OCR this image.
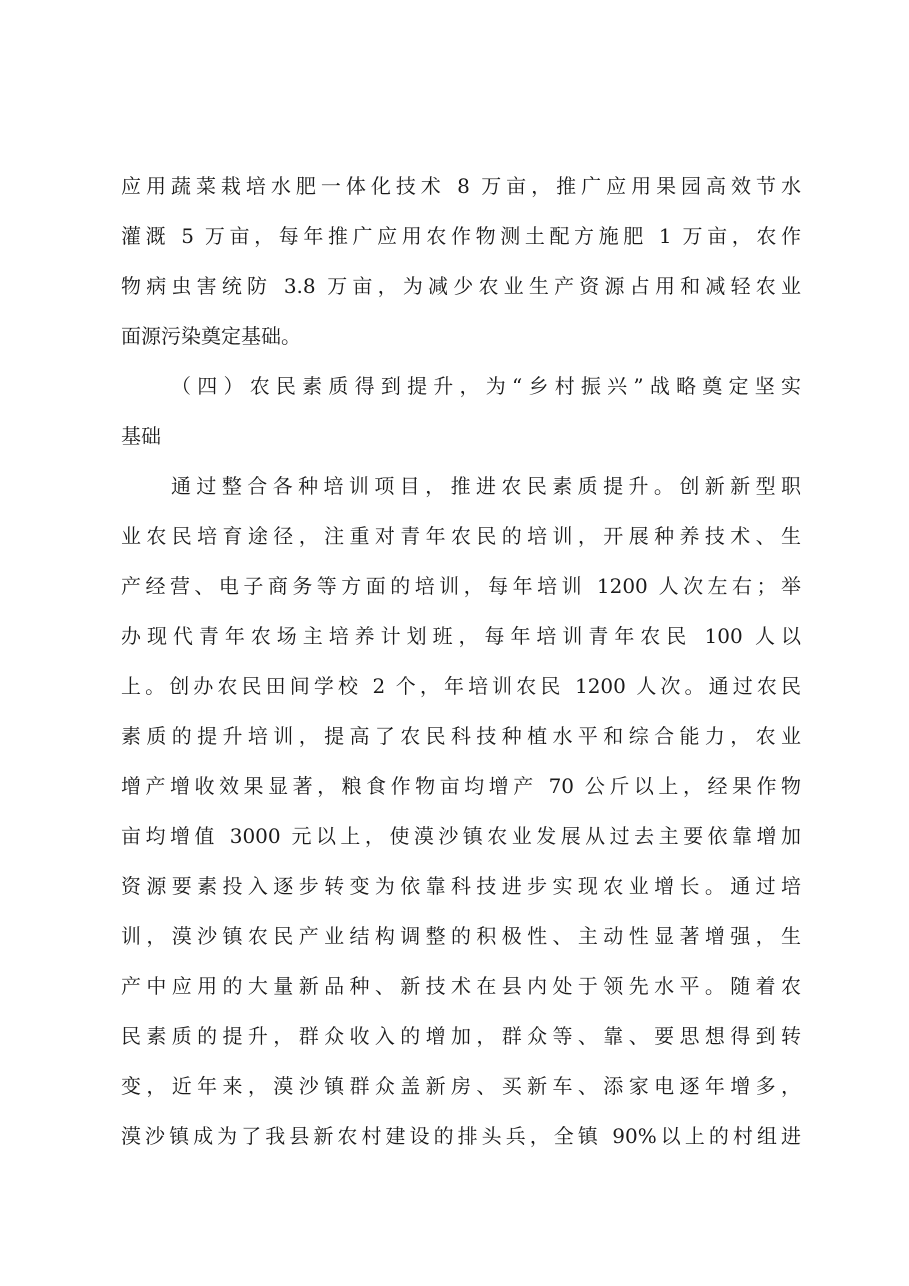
应用蔬菜栽培水肥一体化技术 8 万亩，推广应用果园高效节水
灌溉 5 万亩，每年推广应用农作物测土配方施肥 1 万亩，农作
物病虫害统防 3.8 万亩，为减少农业生产资源占用和减轻农业
面源污染奠定基础。
（四）农民素质得到提升，为“乡村振兴”战略奠定坚实
基础
通过整合各种培训项目，推进农民素质提升。创新新型职
业农民培育途径，注重对青年农民的培训，开展种养技术、生
产经营、电子商务等方面的培训，每年培训 1200 人次左右；举
办现代青年农场主培养计划班，每年培训青年农民 100 人以
上。创办农民田间学校 2 个，年培训农民 1200 人次。通过农民
素质的提升培训，提高了农民科技种植水平和综合能力，农业
增产增收效果显著，粮食作物亩均增产 70 公斤以上，经果作物
亩均增值 3000 元以上，使漠沙镇农业发展从过去主要依靠增加
资源要素投入逐步转变为依靠科技进步实现农业增长。通过培
训，漠沙镇农民产业结构调整的积极性、主动性显著增强，生
产中应用的大量新品种、新技术在县内处于领先水平。随着农
民素质的提升，群众收入的增加，群众等、靠、要思想得到转
变，近年来，漠沙镇群众盖新房、买新车、添家电逐年增多，
漠沙镇成为了我县新农村建设的排头兵，全镇 90%以上的村组进
